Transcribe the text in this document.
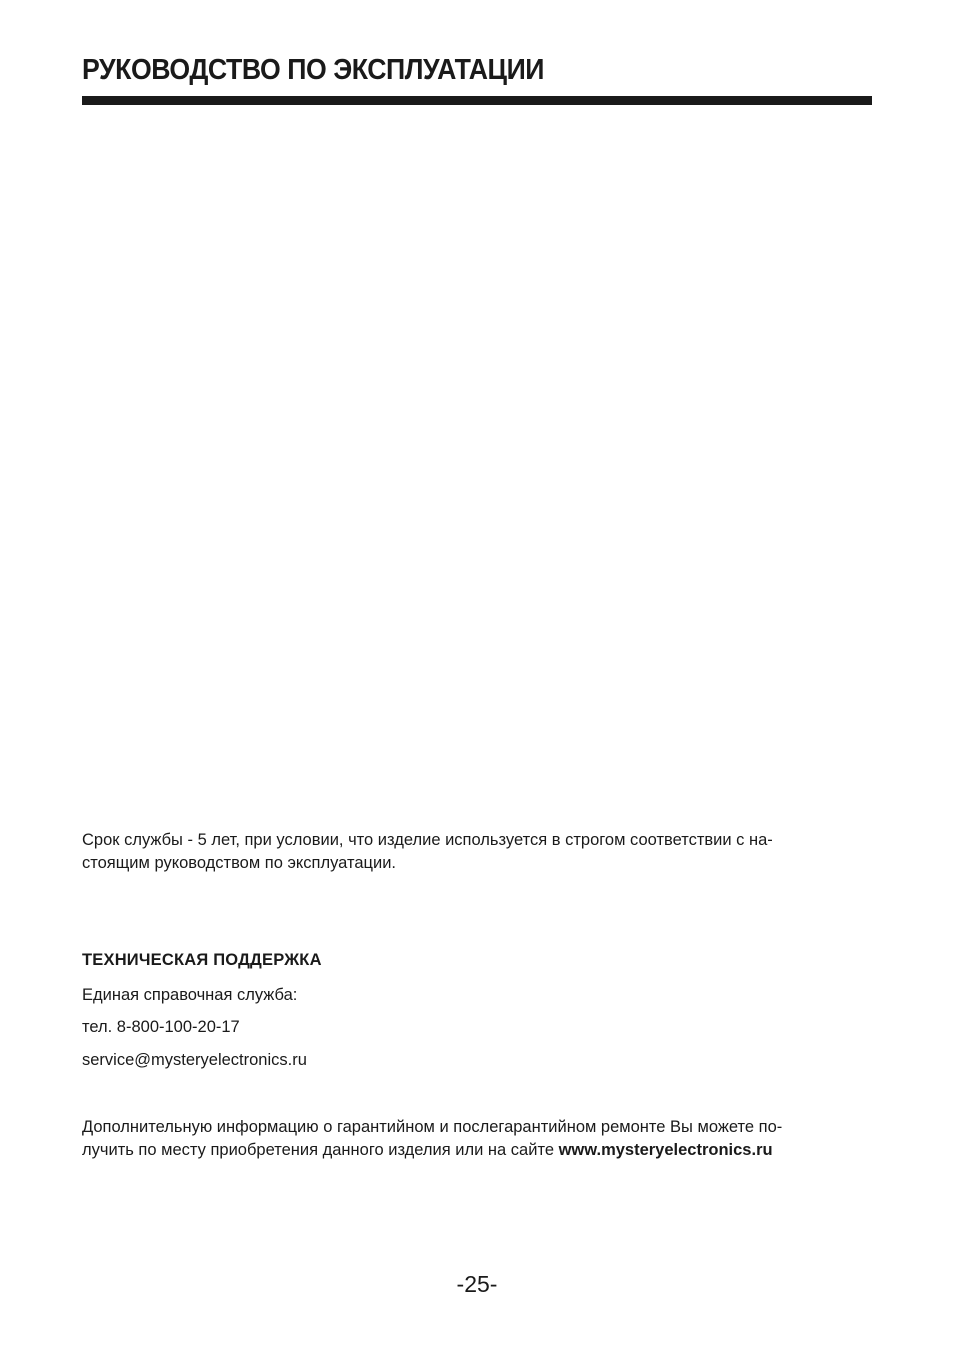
РУКОВОДСТВО ПО ЭКСПЛУАТАЦИИ

Срок службы - 5 лет, при условии, что изделие используется в строгом соответствии с на-
стоящим руководством по эксплуатации.

ТЕХНИЧЕСКАЯ ПОДДЕРЖКА

Единая справочная служба:

тел. 8-800-100-20-17

service@mysteryelectronics.ru

Дополнительную информацию о гарантийном и послегарантийном ремонте Вы можете по-
лучить по месту приобретения данного изделия или на сайте www.mysteryelectronics.ru

-25-
